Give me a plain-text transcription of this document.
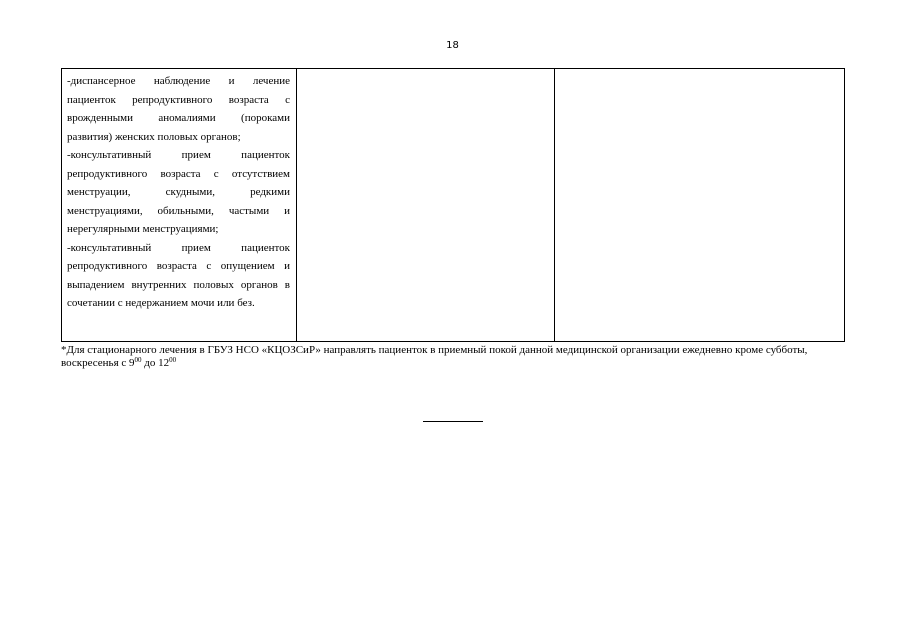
18

-диспансерное наблюдение и лечение пациенток репродуктивного возраста с врожденными аномалиями (пороками развития) женских половых органов;

-консультативный прием пациенток репродуктивного возраста с отсутствием менструации, скудными, редкими менструациями, обильными, частыми и нерегулярными менструациями;

-консультативный прием пациенток репродуктивного возраста с опущением и выпадением внутренних половых органов в сочетании с недержанием мочи или без.

*Для стационарного лечения в ГБУЗ НСО «КЦОЗСиР» направлять пациенток в приемный покой данной медицинской организации ежедневно кроме субботы, воскресенья с $9^{00}$ до $12^{00}$
